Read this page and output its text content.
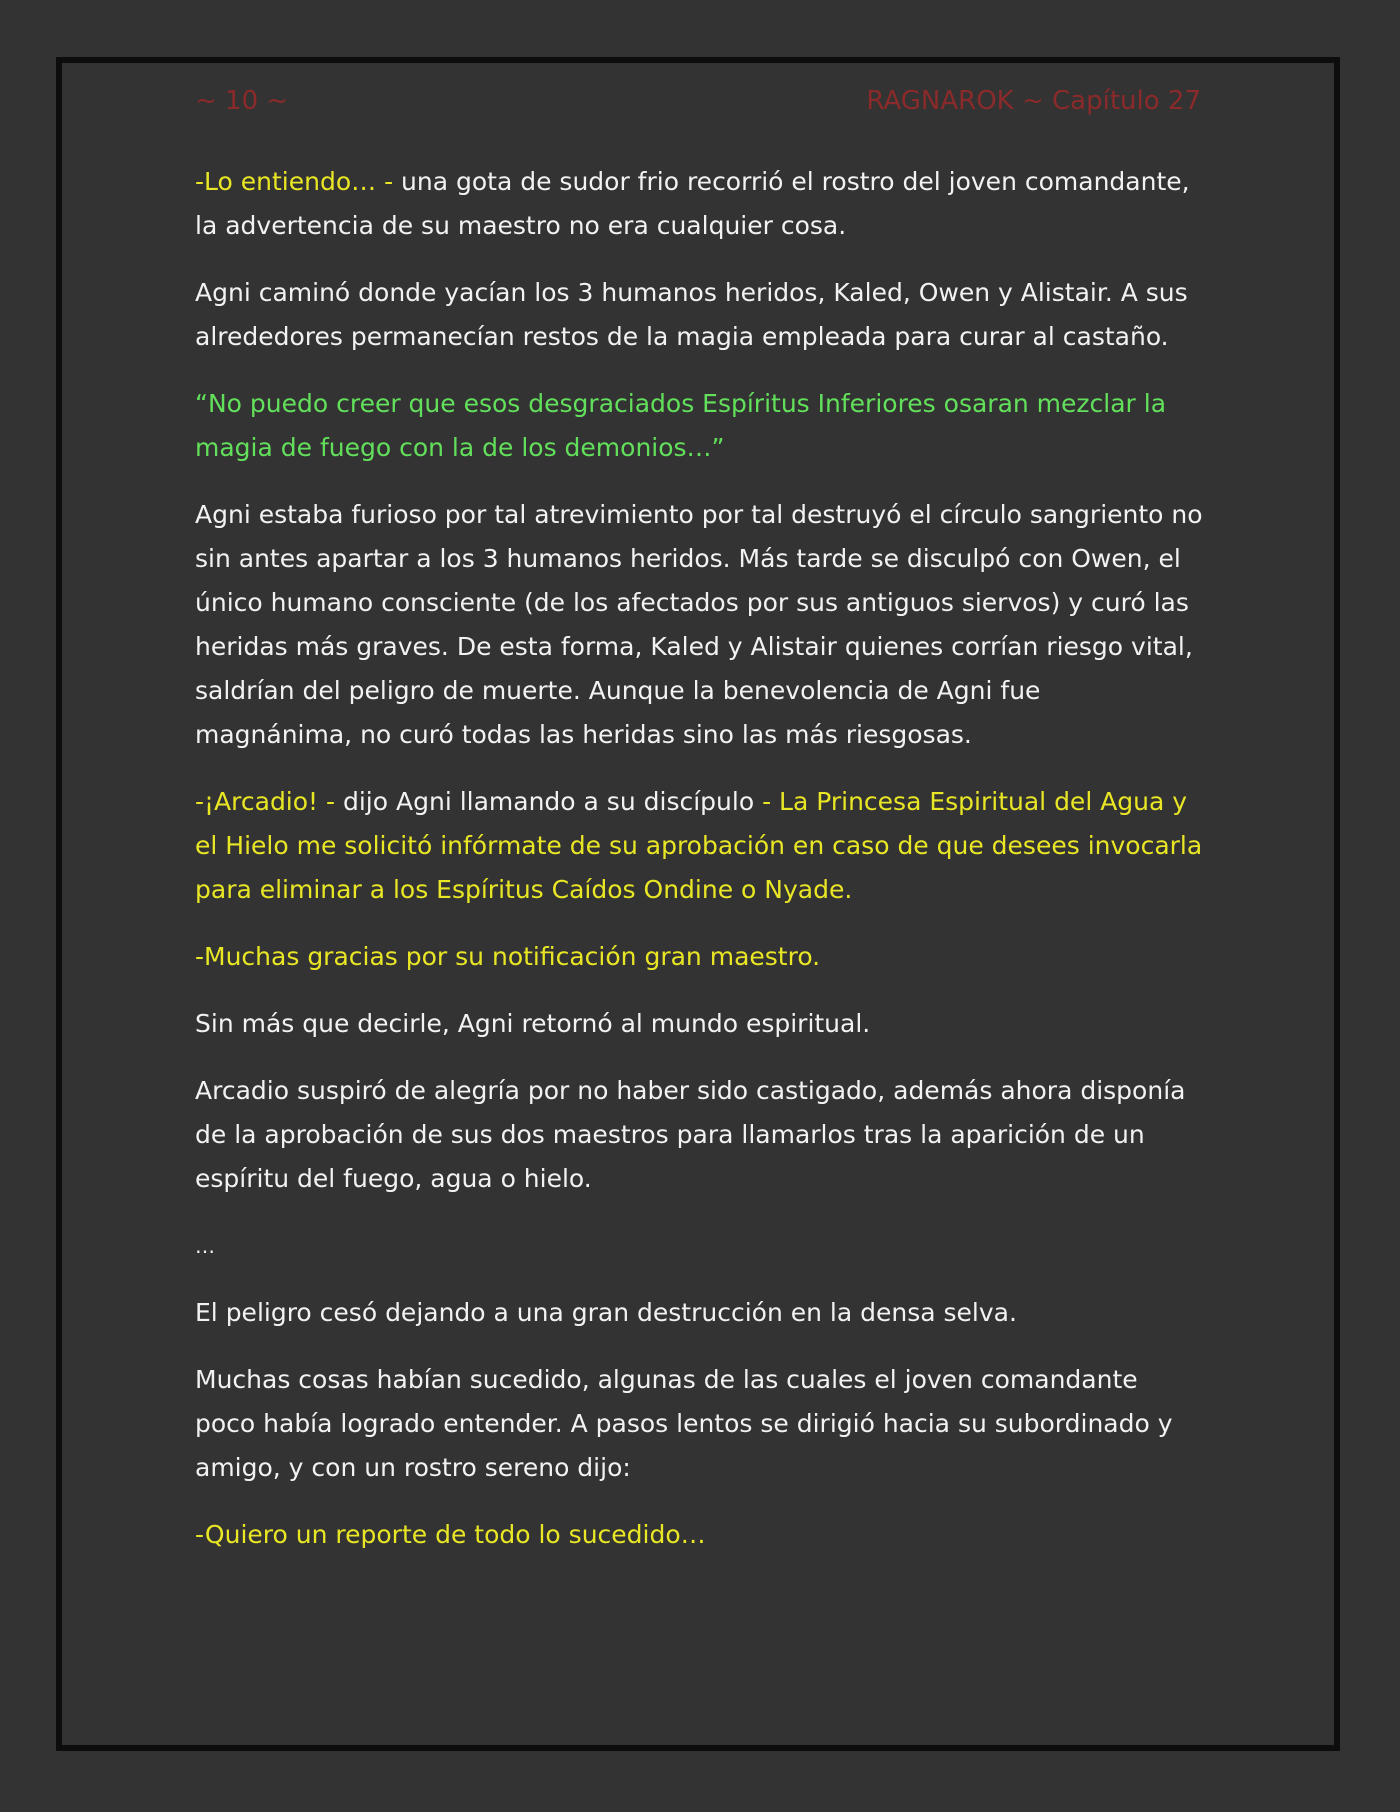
~ 10 ~	RAGNAROK ~ Capítulo 27

-Lo entiendo… - una gota de sudor frio recorrió el rostro del joven comandante, la advertencia de su maestro no era cualquier cosa.

Agni caminó donde yacían los 3 humanos heridos, Kaled, Owen y Alistair. A sus alrededores permanecían restos de la magia empleada para curar al castaño.

“No puedo creer que esos desgraciados Espíritus Inferiores osaran mezclar la magia de fuego con la de los demonios…”

Agni estaba furioso por tal atrevimiento por tal destruyó el círculo sangriento no sin antes apartar a los 3 humanos heridos. Más tarde se disculpó con Owen, el único humano consciente (de los afectados por sus antiguos siervos) y curó las heridas más graves. De esta forma, Kaled y Alistair quienes corrían riesgo vital, saldrían del peligro de muerte. Aunque la benevolencia de Agni fue magnánima, no curó todas las heridas sino las más riesgosas.

-¡Arcadio! - dijo Agni llamando a su discípulo - La Princesa Espiritual del Agua y el Hielo me solicitó infórmate de su aprobación en caso de que desees invocarla para eliminar a los Espíritus Caídos Ondine o Nyade.

-Muchas gracias por su notificación gran maestro.

Sin más que decirle, Agni retornó al mundo espiritual.

Arcadio suspiró de alegría por no haber sido castigado, además ahora disponía de la aprobación de sus dos maestros para llamarlos tras la aparición de un espíritu del fuego, agua o hielo.

…

El peligro cesó dejando a una gran destrucción en la densa selva.

Muchas cosas habían sucedido, algunas de las cuales el joven comandante poco había logrado entender. A pasos lentos se dirigió hacia su subordinado y amigo, y con un rostro sereno dijo:

-Quiero un reporte de todo lo sucedido…
